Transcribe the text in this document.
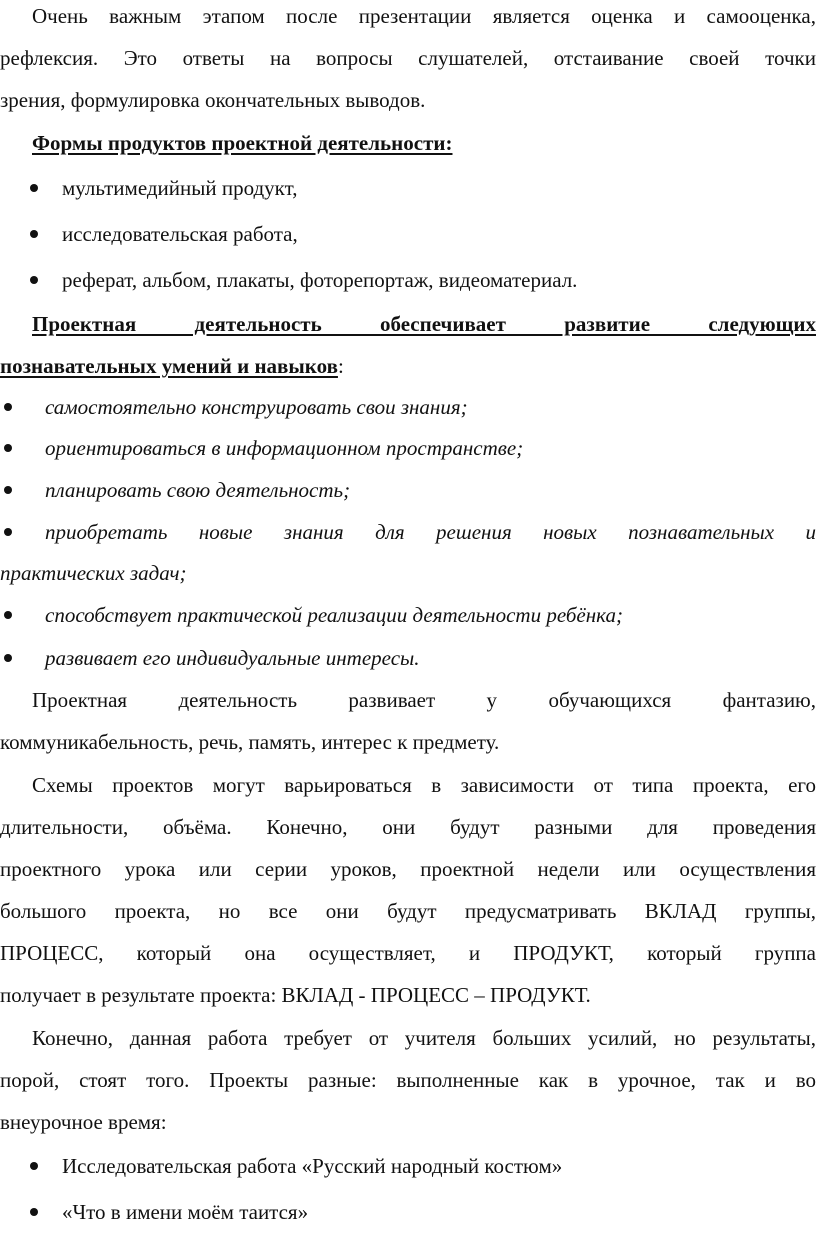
Очень важным этапом после презентации является оценка и самооценка,
рефлексия. Это ответы на вопросы слушателей, отстаивание своей точки
зрения, формулировка окончательных выводов.
Формы продуктов проектной деятельности:
мультимедийный продукт,
исследовательская работа,
реферат, альбом, плакаты, фоторепортаж, видеоматериал.
Проектная деятельность обеспечивает развитие следующих
познавательных умений и навыков:
самостоятельно конструировать свои знания;
ориентироваться в информационном пространстве;
планировать свою деятельность;
приобретать новые знания для решения новых познавательных и
практических задач;
способствует практической реализации деятельности ребёнка;
развивает его индивидуальные интересы.
Проектная деятельность развивает у обучающихся фантазию,
коммуникабельность, речь, память, интерес к предмету.
Схемы проектов могут варьироваться в зависимости от типа проекта, его
длительности, объёма. Конечно, они будут разными для проведения
проектного урока или серии уроков, проектной недели или осуществления
большого проекта, но все они будут предусматривать ВКЛАД группы,
ПРОЦЕСС, который она осуществляет, и ПРОДУКТ, который группа
получает в результате проекта: ВКЛАД - ПРОЦЕСС – ПРОДУКТ.
Конечно, данная работа требует от учителя больших усилий, но результаты,
порой, стоят того. Проекты разные: выполненные как в урочное, так и во
внеурочное время:
Исследовательская работа «Русский народный костюм»
«Что в имени моём таится»
